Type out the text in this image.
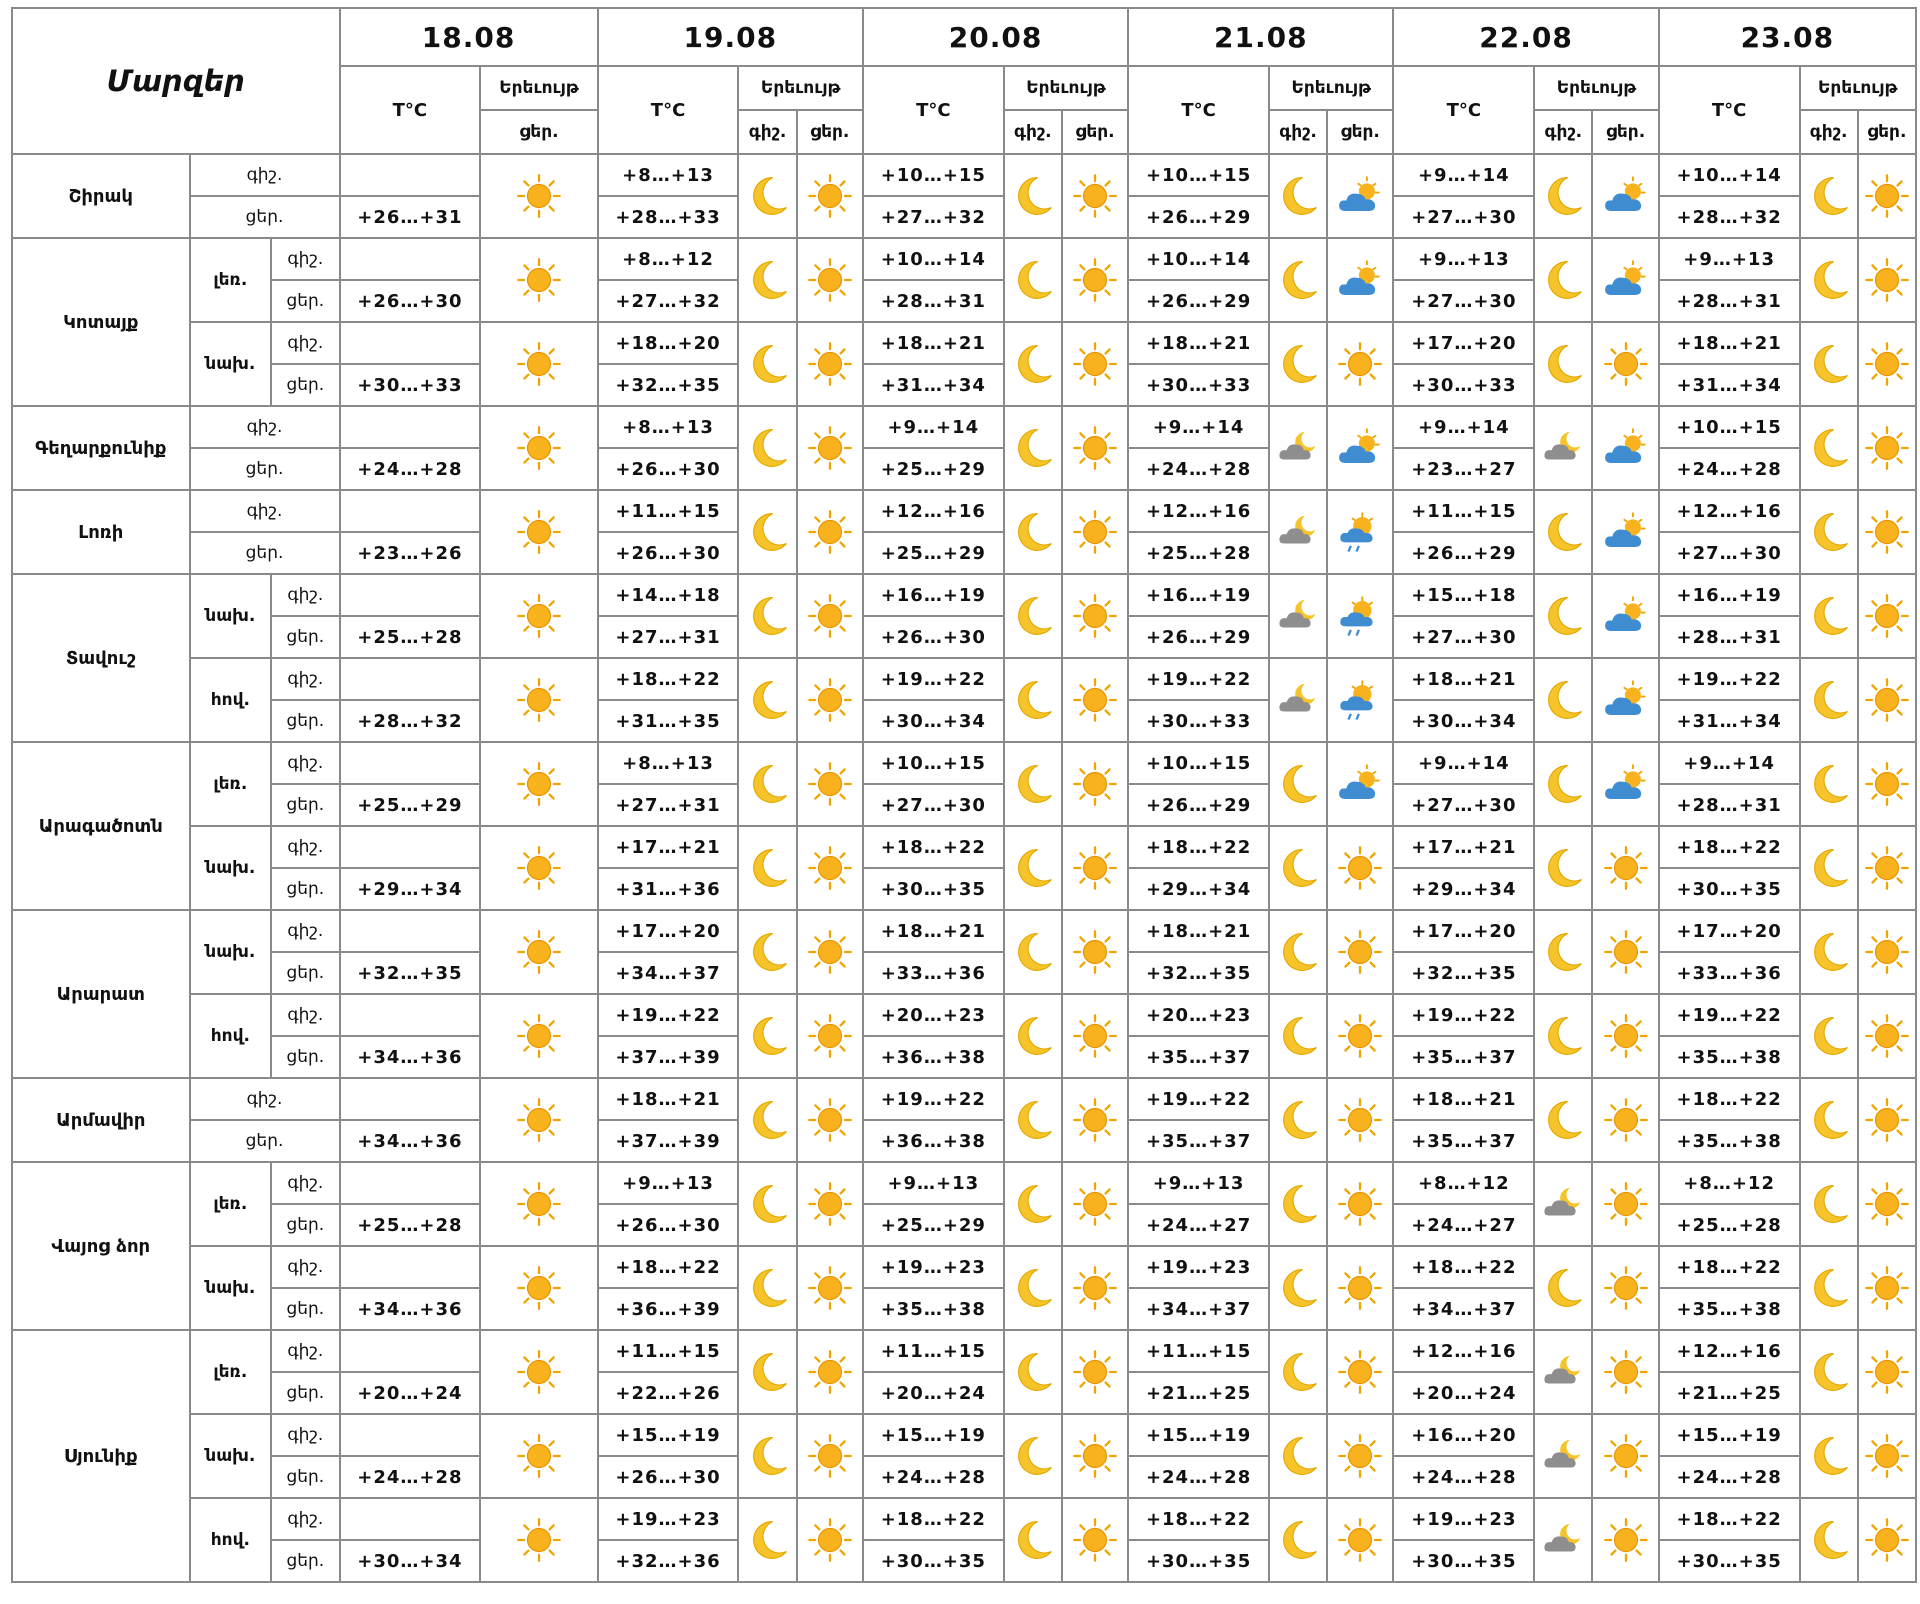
Մարզեր			18.08		19.08			20.08			21.08			22.08			23.08		
			T°C	Երեւույթ	T°C	Երեւույթ		T°C	Երեւույթ		T°C	Երեւույթ		T°C	Երեւույթ		T°C	Երեւույթ	
				ցեր.		գիշ.	ցեր.		գիշ.	ցեր.		գիշ.	ցեր.		գիշ.	ցեր.		գիշ.	ցեր.
Շիրակ	գիշ.				+8…+13			+10…+15			+10…+15			+9…+14			+10…+14	

	ցեր.		+26…+31		+28…+33			+27…+32			+26…+29			+27…+30			+28…+32		
Կոտայք	լեռ.	գիշ.			+8…+12			+10…+14			+10…+14			+9…+13			+9…+13	

		ցեր.	+26…+30		+27…+32			+28…+31			+26…+29			+27…+30			+28…+31		
	նախ.	գիշ.			+18…+20			+18…+21			+18…+21			+17…+20			+18…+21	

		ցեր.	+30…+33		+32…+35			+31…+34			+30…+33			+30…+33			+31…+34		
Գեղարքունիք	գիշ.				+8…+13			+9…+14			+9…+14			+9…+14			+10…+15	

	ցեր.		+24…+28		+26…+30			+25…+29			+24…+28			+23…+27			+24…+28		
Լոռի	գիշ.				+11…+15			+12…+16			+12…+16			+11…+15			+12…+16	

	ցեր.		+23…+26		+26…+30			+25…+29			+25…+28			+26…+29			+27…+30		
Տավուշ	նախ.	գիշ.			+14…+18			+16…+19			+16…+19			+15…+18			+16…+19	

		ցեր.	+25…+28		+27…+31			+26…+30			+26…+29			+27…+30			+28…+31		
	հով.	գիշ.			+18…+22			+19…+22			+19…+22			+18…+21			+19…+22	

		ցեր.	+28…+32		+31…+35			+30…+34			+30…+33			+30…+34			+31…+34		
Արագածոտն	լեռ.	գիշ.			+8…+13			+10…+15			+10…+15			+9…+14			+9…+14	

		ցեր.	+25…+29		+27…+31			+27…+30			+26…+29			+27…+30			+28…+31		
	նախ.	գիշ.			+17…+21			+18…+22			+18…+22			+17…+21			+18…+22	

		ցեր.	+29…+34		+31…+36			+30…+35			+29…+34			+29…+34			+30…+35		
Արարատ	նախ.	գիշ.			+17…+20			+18…+21			+18…+21			+17…+20			+17…+20	

		ցեր.	+32…+35		+34…+37			+33…+36			+32…+35			+32…+35			+33…+36		
	հով.	գիշ.			+19…+22			+20…+23			+20…+23			+19…+22			+19…+22	

		ցեր.	+34…+36		+37…+39			+36…+38			+35…+37			+35…+37			+35…+38		
Արմավիր	գիշ.				+18…+21			+19…+22			+19…+22			+18…+21			+18…+22	

	ցեր.		+34…+36		+37…+39			+36…+38			+35…+37			+35…+37			+35…+38		
Վայոց ձոր	լեռ.	գիշ.			+9…+13			+9…+13			+9…+13			+8…+12			+8…+12	

		ցեր.	+25…+28		+26…+30			+25…+29			+24…+27			+24…+27			+25…+28		
	նախ.	գիշ.			+18…+22			+19…+23			+19…+23			+18…+22			+18…+22	

		ցեր.	+34…+36		+36…+39			+35…+38			+34…+37			+34…+37			+35…+38		
Սյունիք	լեռ.	գիշ.			+11…+15			+11…+15			+11…+15			+12…+16			+12…+16	

		ցեր.	+20…+24		+22…+26			+20…+24			+21…+25			+20…+24			+21…+25		
	նախ.	գիշ.			+15…+19			+15…+19			+15…+19			+16…+20			+15…+19	

		ցեր.	+24…+28		+26…+30			+24…+28			+24…+28			+24…+28			+24…+28		
	հով.	գիշ.			+19…+23			+18…+22			+18…+22			+19…+23			+18…+22	

		ցեր.	+30…+34		+32…+36			+30…+35			+30…+35			+30…+35			+30…+35		
